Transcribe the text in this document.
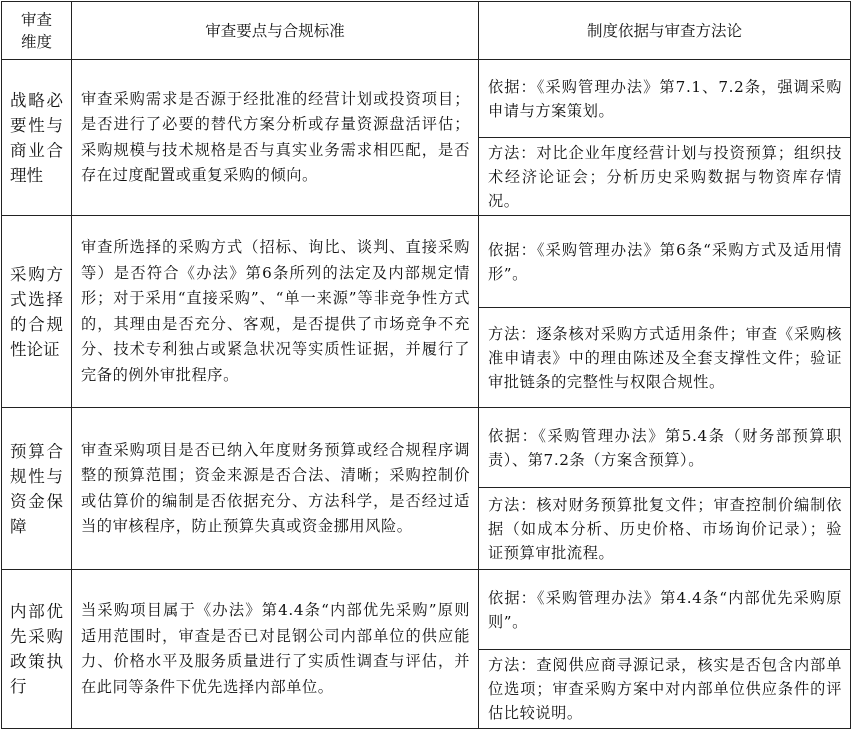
审查
维度	审查要点与合规标准	制度依据与审查方法论

战略必
要性与
商业合
理性	审查采购需求是否源于经批准的经营计划或投资项目；是否进行了必要的替代方案分析或存量资源盘活评估；采购规模与技术规格是否与真实业务需求相匹配，是否存在过度配置或重复采购的倾向。	依据：《采购管理办法》第7.1、7.2条，强调采购申请与方案策划。
		方法：对比企业年度经营计划与投资预算；组织技术经济论证会；分析历史采购数据与物资库存情况。

采购方
式选择
的合规
性论证	审查所选择的采购方式（招标、询比、谈判、直接采购等）是否符合《办法》第6条所列的法定及内部规定情形；对于采用“直接采购”、“单一来源”等非竞争性方式的，其理由是否充分、客观，是否提供了市场竞争不充分、技术专利独占或紧急状况等实质性证据，并履行了完备的例外审批程序。	依据：《采购管理办法》第6条“采购方式及适用情形”。
		方法：逐条核对采购方式适用条件；审查《采购核准申请表》中的理由陈述及全套支撑性文件；验证审批链条的完整性与权限合规性。

预算合
规性与
资金保
障	审查采购项目是否已纳入年度财务预算或经合规程序调整的预算范围；资金来源是否合法、清晰；采购控制价或估算价的编制是否依据充分、方法科学，是否经过适当的审核程序，防止预算失真或资金挪用风险。	依据：《采购管理办法》第5.4条（财务部预算职责）、第7.2条（方案含预算）。
		方法：核对财务预算批复文件；审查控制价编制依据（如成本分析、历史价格、市场询价记录）；验证预算审批流程。

内部优
先采购
政策执
行	当采购项目属于《办法》第4.4条“内部优先采购”原则适用范围时，审查是否已对昆钢公司内部单位的供应能力、价格水平及服务质量进行了实质性调查与评估，并在此同等条件下优先选择内部单位。	依据：《采购管理办法》第4.4条“内部优先采购原则”。
		方法：查阅供应商寻源记录，核实是否包含内部单位选项；审查采购方案中对内部单位供应条件的评估比较说明。
